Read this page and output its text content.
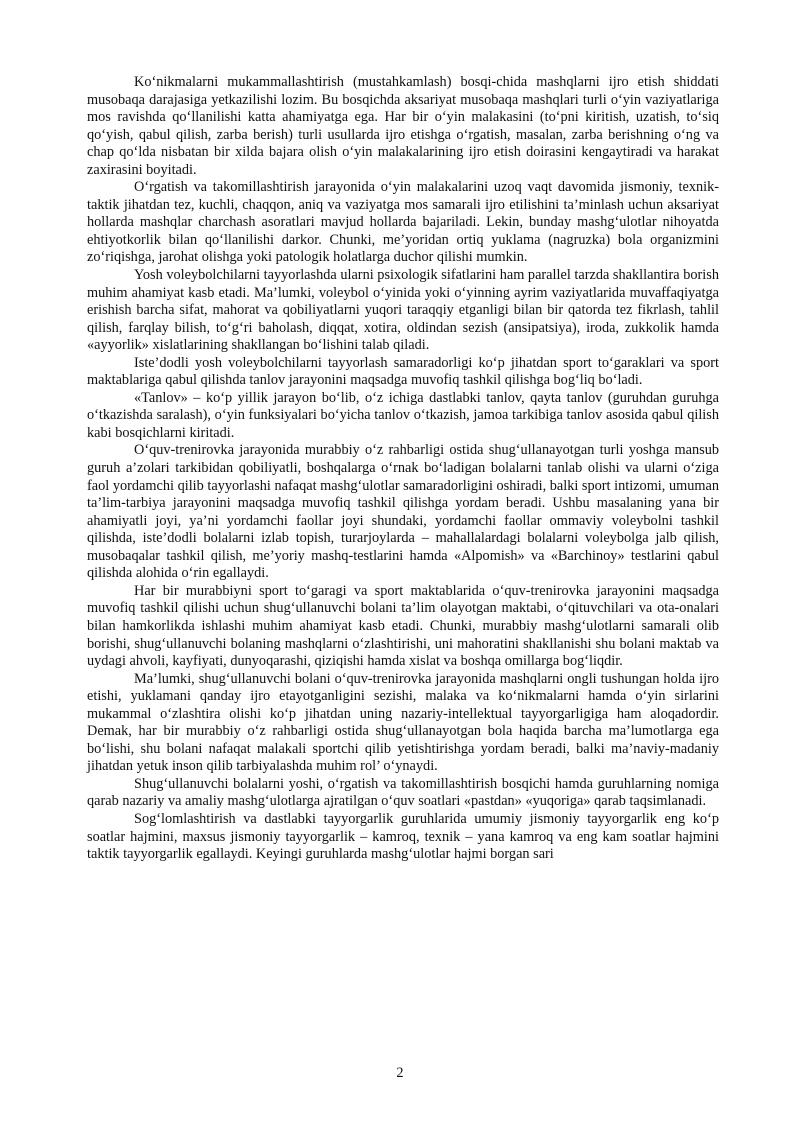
Ko‘nikmalarni mukammallashtirish (mustahkamlash) bosqi-chida mashqlarni ijro etish shiddati musobaqa darajasiga yetkazilishi lozim. Bu bosqichda aksariyat musobaqa mashqlari turli o‘yin vaziyatlariga mos ravishda qo‘llanilishi katta ahamiyatga ega. Har bir o‘yin malakasini (to‘pni kiritish, uzatish, to‘siq qo‘yish, qabul qilish, zarba berish) turli usullarda ijro etishga o‘rgatish, masalan, zarba berishning o‘ng va chap qo‘lda nisbatan bir xilda bajara olish o‘yin malakalarining ijro etish doirasini kengaytiradi va harakat zaxirasini boyitadi.

O‘rgatish va takomillashtirish jarayonida o‘yin malakalarini uzoq vaqt davomida jismoniy, texnik-taktik jihatdan tez, kuchli, chaqqon, aniq va vaziyatga mos samarali ijro etilishini ta’minlash uchun aksariyat hollarda mashqlar charchash asoratlari mavjud hollarda bajariladi. Lekin, bunday mashg‘ulotlar nihoyatda ehtiyotkorlik bilan qo‘llanilishi darkor. Chunki, me’yoridan ortiq yuklama (nagruzka) bola organizmini zo‘riqishga, jarohat olishga yoki patologik holatlarga duchor qilishi mumkin.

Yosh voleybolchilarni tayyorlashda ularni psixologik sifatlarini ham parallel tarzda shakllantira borish muhim ahamiyat kasb etadi. Ma’lumki, voleybol o‘yinida yoki o‘yinning ayrim vaziyatlarida muvaffaqiyatga erishish barcha sifat, mahorat va qobiliyatlarni yuqori taraqqiy etganligi bilan bir qatorda tez fikrlash, tahlil qilish, farqlay bilish, to‘g‘ri baholash, diqqat, xotira, oldindan sezish (ansipatsiya), iroda, zukkolik hamda «ayyorlik» xislatlarining shakllangan bo‘lishini talab qiladi.

Iste’dodli yosh voleybolchilarni tayyorlash samaradorligi ko‘p jihatdan sport to‘garaklari va sport maktablariga qabul qilishda tanlov jarayonini maqsadga muvofiq tashkil qilishga bog‘liq bo‘ladi.

«Tanlov» – ko‘p yillik jarayon bo‘lib, o‘z ichiga dastlabki tanlov, qayta tanlov (guruhdan guruhga o‘tkazishda saralash), o‘yin funksiyalari bo‘yicha tanlov o‘tkazish, jamoa tarkibiga tanlov asosida qabul qilish kabi bosqichlarni kiritadi.

O‘quv-trenirovka jarayonida murabbiy o‘z rahbarligi ostida shug‘ullanayotgan turli yoshga mansub guruh a’zolari tarkibidan qobiliyatli, boshqalarga o‘rnak bo‘ladigan bolalarni tanlab olishi va ularni o‘ziga faol yordamchi qilib tayyorlashi nafaqat mashg‘ulotlar samaradorligini oshiradi, balki sport intizomi, umuman ta’lim-tarbiya jarayonini maqsadga muvofiq tashkil qilishga yordam beradi. Ushbu masalaning yana bir ahamiyatli joyi, ya’ni yordamchi faollar joyi shundaki, yordamchi faollar ommaviy voleybolni tashkil qilishda, iste’dodli bolalarni izlab topish, turarjoylarda – mahallalardagi bolalarni voleybolga jalb qilish, musobaqalar tashkil qilish, me’yoriy mashq-testlarini hamda «Alpomish» va «Barchinoy» testlarini qabul qilishda alohida o‘rin egallaydi.

Har bir murabbiyni sport to‘garagi va sport maktablarida o‘quv-trenirovka jarayonini maqsadga muvofiq tashkil qilishi uchun shug‘ullanuvchi bolani ta’lim olayotgan maktabi, o‘qituvchilari va ota-onalari bilan hamkorlikda ishlashi muhim ahamiyat kasb etadi. Chunki, murabbiy mashg‘ulotlarni samarali olib borishi, shug‘ullanuvchi bolaning mashqlarni o‘zlashtirishi, uni mahoratini shakllanishi shu bolani maktab va uydagi ahvoli, kayfiyati, dunyoqarashi, qiziqishi hamda xislat va boshqa omillarga bog‘liqdir.

Ma’lumki, shug‘ullanuvchi bolani o‘quv-trenirovka jarayonida mashqlarni ongli tushungan holda ijro etishi, yuklamani qanday ijro etayotganligini sezishi, malaka va ko‘nikmalarni hamda o‘yin sirlarini mukammal o‘zlashtira olishi ko‘p jihatdan uning nazariy-intellektual tayyorgarligiga ham aloqadordir. Demak, har bir murabbiy o‘z rahbarligi ostida shug‘ullanayotgan bola haqida barcha ma’lumotlarga ega bo‘lishi, shu bolani nafaqat malakali sportchi qilib yetishtirishga yordam beradi, balki ma’naviy-madaniy jihatdan yetuk inson qilib tarbiyalashda muhim rol’ o‘ynaydi.

Shug‘ullanuvchi bolalarni yoshi, o‘rgatish va takomillashtirish bosqichi hamda guruhlarning nomiga qarab nazariy va amaliy mashg‘ulotlarga ajratilgan o‘quv soatlari «pastdan» «yuqoriga» qarab taqsimlanadi.

Sog‘lomlashtirish va dastlabki tayyorgarlik guruhlarida umumiy jismoniy tayyorgarlik eng ko‘p soatlar hajmini, maxsus jismoniy tayyorgarlik – kamroq, texnik – yana kamroq va eng kam soatlar hajmini taktik tayyorgarlik egallaydi. Keyingi guruhlarda mashg‘ulotlar hajmi borgan sari

2
